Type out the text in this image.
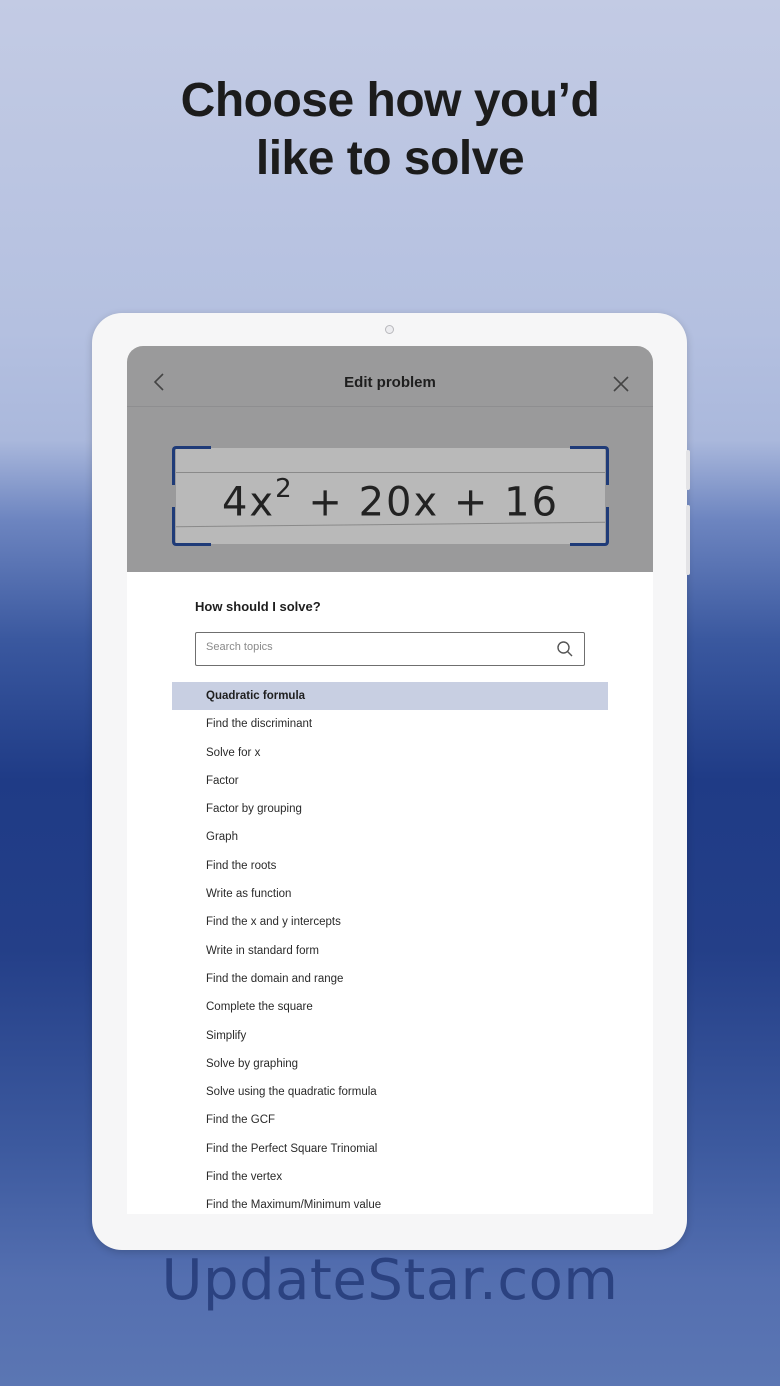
Choose how you’d
like to solve
Edit problem
$4x^2 + 20x + 16$
How should I solve?
Search topics
Quadratic formula
Find the discriminant
Solve for x
Factor
Factor by grouping
Graph
Find the roots
Write as function
Find the x and y intercepts
Write in standard form
Find the domain and range
Complete the square
Simplify
Solve by graphing
Solve using the quadratic formula
Find the GCF
Find the Perfect Square Trinomial
Find the vertex
Find the Maximum/Minimum value
UpdateStar.com
